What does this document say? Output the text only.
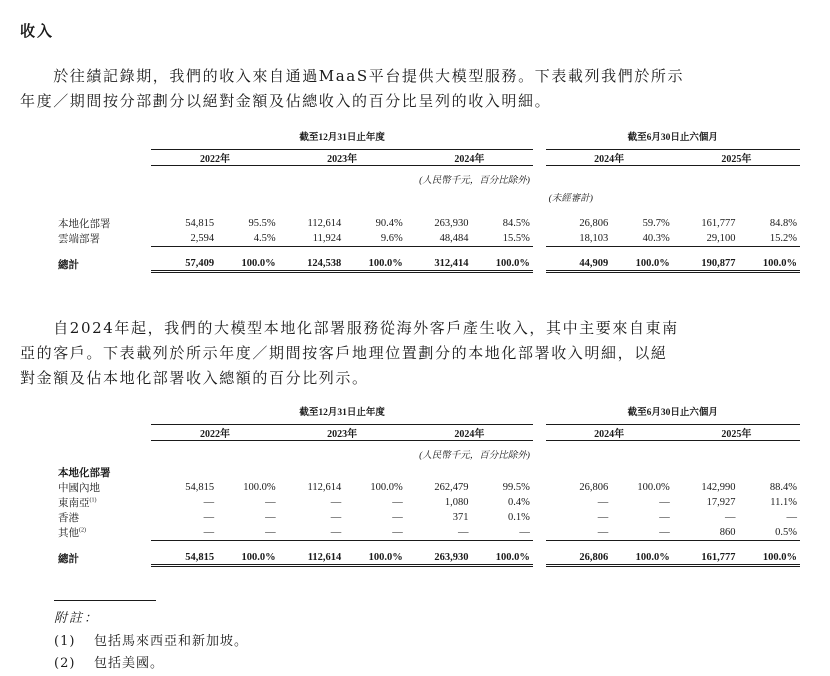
收入
　　於往績記錄期，我們的收入來自通過MaaS平台提供大模型服務。下表載列我們於所示
年度／期間按分部劃分以絕對金額及佔總收入的百分比呈列的收入明細。
	截至12月31日止年度							截至6月30日止六個月			

	2022年		2023年		2024年			2024年		2025年	

				(人民幣千元，百分比除外)							

								(未經審計)			

本地化部署	54,815	95.5%	112,614	90.4%	263,930	84.5%		26,806	59.7%	161,777	84.8%
雲端部署	2,594	4.5%	11,924	9.6%	48,484	15.5%		18,103	40.3%	29,100	15.2%

總計	57,409	100.0%	124,538	100.0%	312,414	100.0%		44,909	100.0%	190,877	100.0%
　　自2024年起，我們的大模型本地化部署服務從海外客戶產生收入，其中主要來自東南
亞的客戶。下表載列於所示年度／期間按客戶地理位置劃分的本地化部署收入明細，以絕
對金額及佔本地化部署收入總額的百分比列示。
	截至12月31日止年度							截至6月30日止六個月			

	2022年		2023年		2024年			2024年		2025年	

				(人民幣千元，百分比除外)							

本地化部署											
中國內地	54,815	100.0%	112,614	100.0%	262,479	99.5%		26,806	100.0%	142,990	88.4%
東南亞$^{(1)}$	—	—	—	—	1,080	0.4%		—	—	17,927	11.1%
香港	—	—	—	—	371	0.1%		—	—	—	—
其他$^{(2)}$	—	—	—	—	—	—		—	—	860	0.5%

總計	54,815	100.0%	112,614	100.0%	263,930	100.0%		26,806	100.0%	161,777	100.0%
附註：
(1) 包括馬來西亞和新加坡。
(2) 包括美國。
